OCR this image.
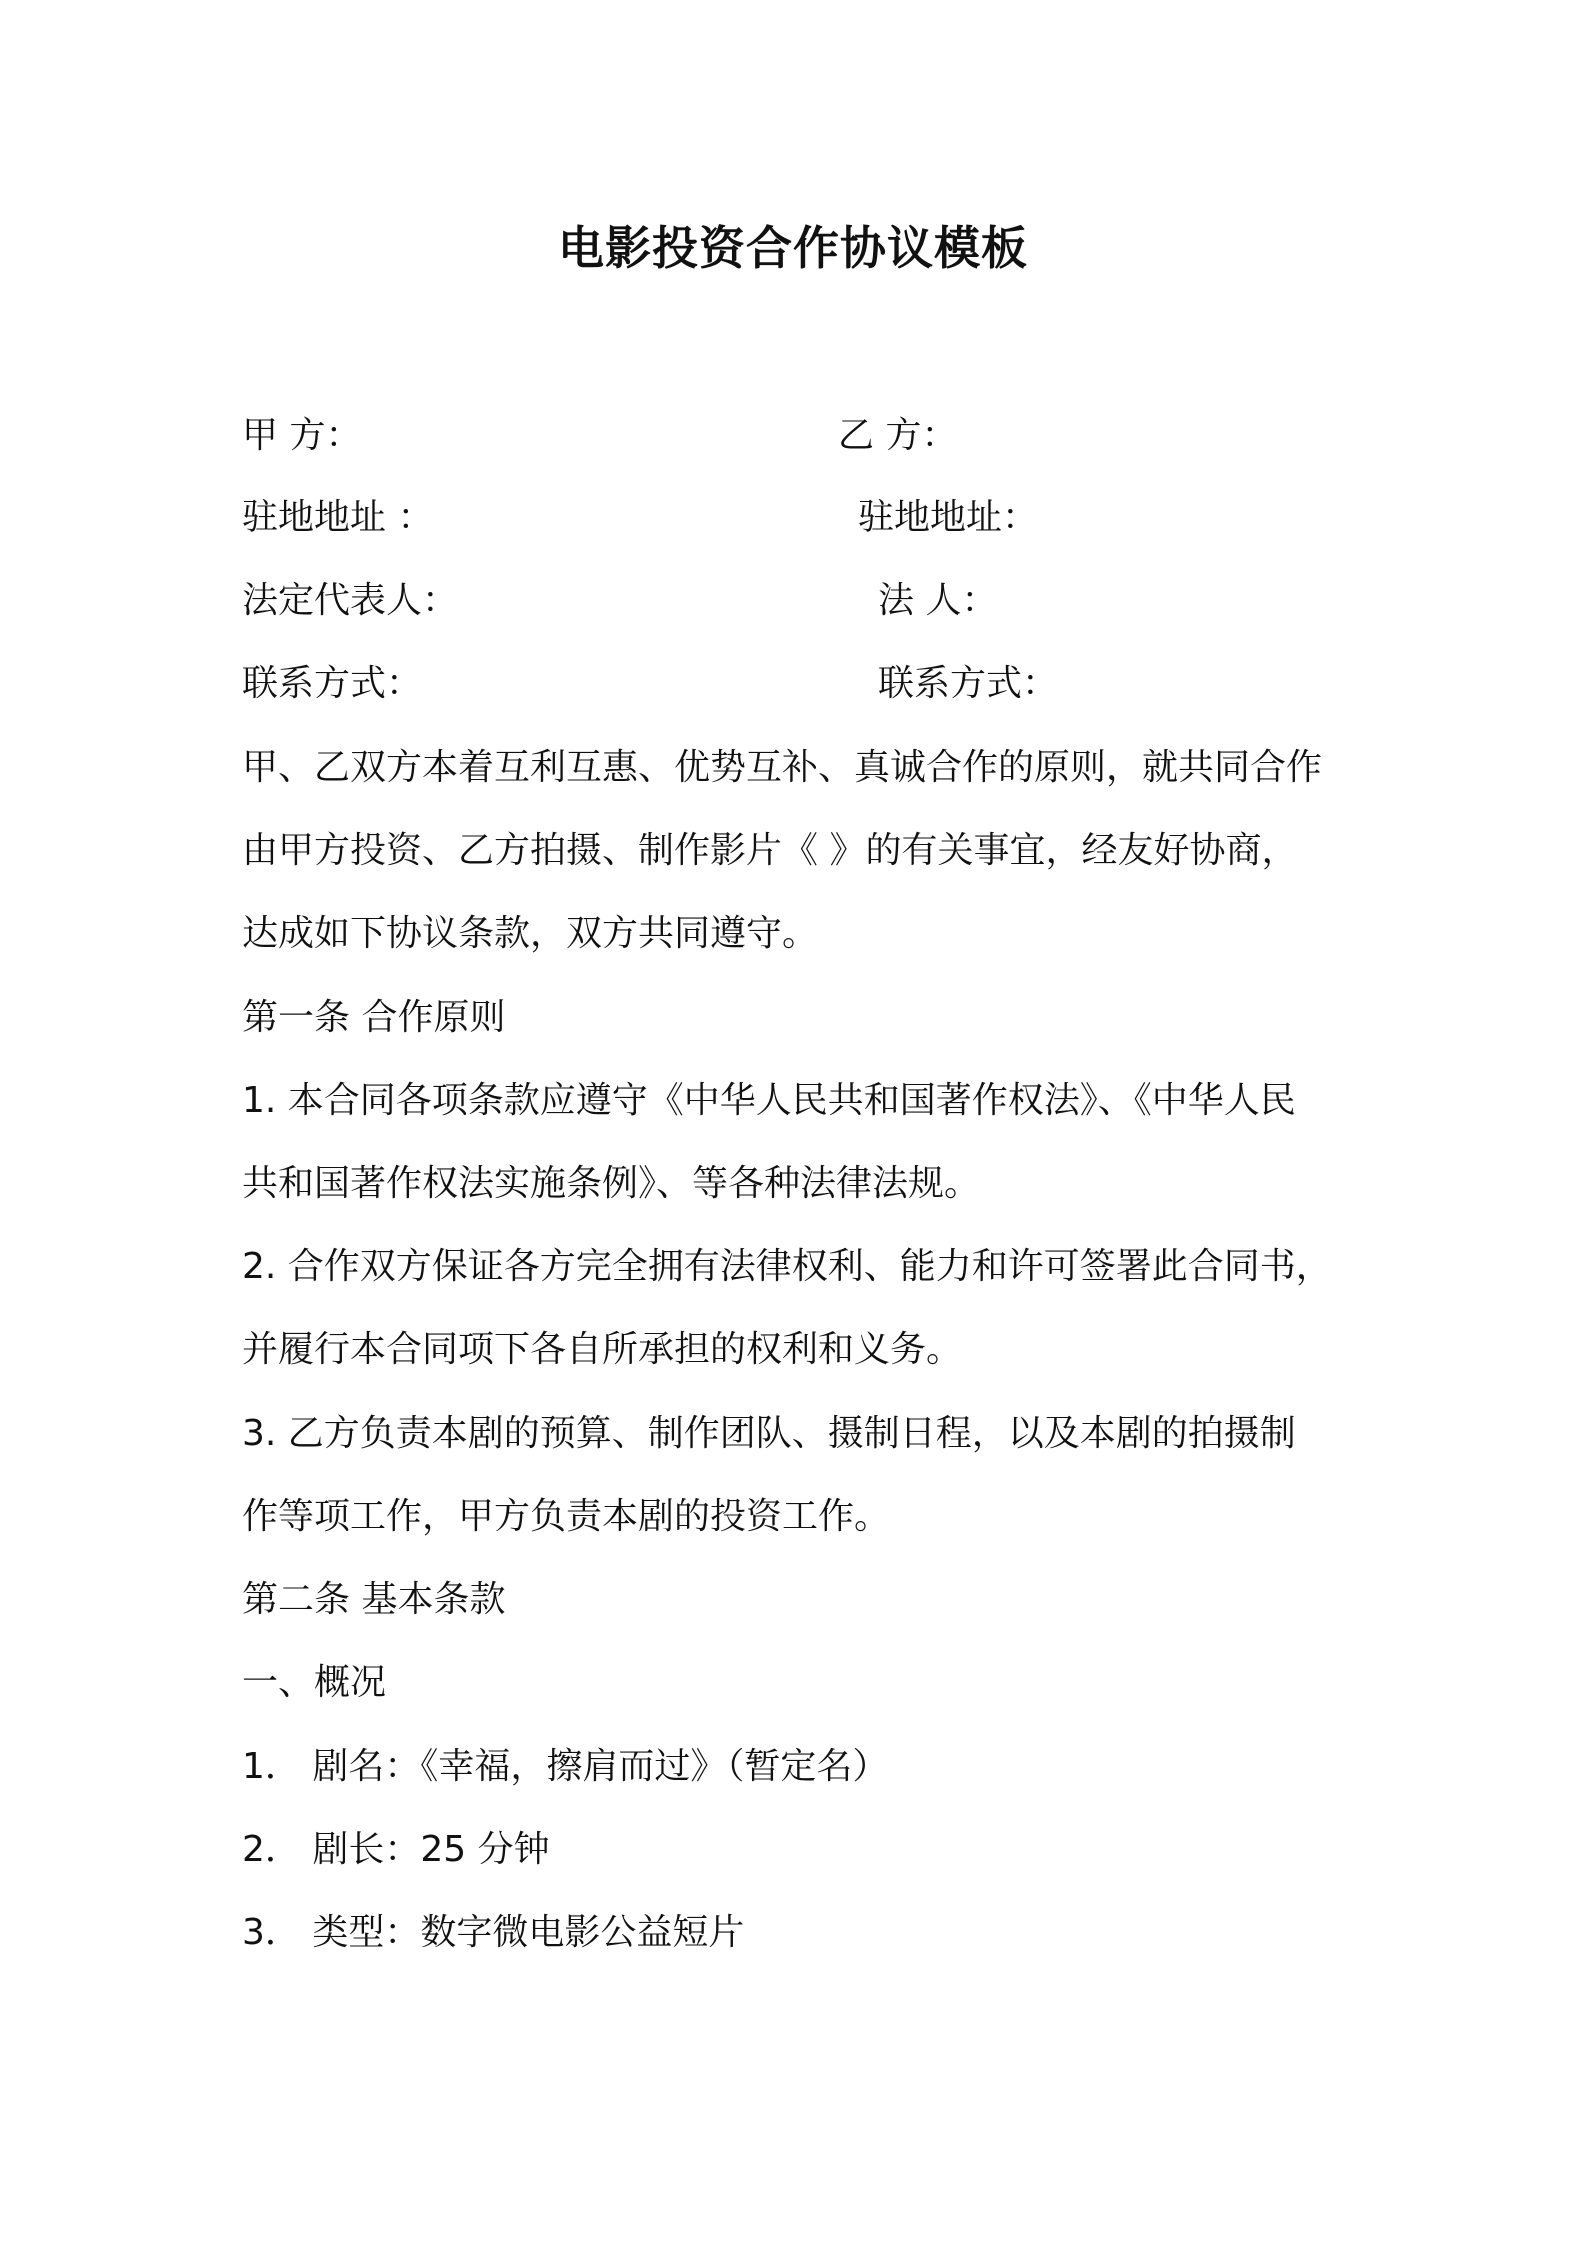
电影投资合作协议模板
甲 方：	乙 方：
驻地地址 ：	驻地地址：
法定代表人：	法 人：
联系方式：	联系方式：
甲、乙双方本着互利互惠、优势互补、真诚合作的原则，就共同合作
由甲方投资、乙方拍摄、制作影片《 》的有关事宜，经友好协商，
达成如下协议条款，双方共同遵守。
第一条 合作原则
1. 本合同各项条款应遵守《中华人民共和国著作权法》、《中华人民
共和国著作权法实施条例》、等各种法律法规。
2. 合作双方保证各方完全拥有法律权利、能力和许可签署此合同书，
并履行本合同项下各自所承担的权利和义务。
3. 乙方负责本剧的预算、制作团队、摄制日程，以及本剧的拍摄制
作等项工作，甲方负责本剧的投资工作。
第二条 基本条款
一、概况
1． 剧名：《幸福，擦肩而过》（暂定名）
2． 剧长：25 分钟
3． 类型：数字微电影公益短片
